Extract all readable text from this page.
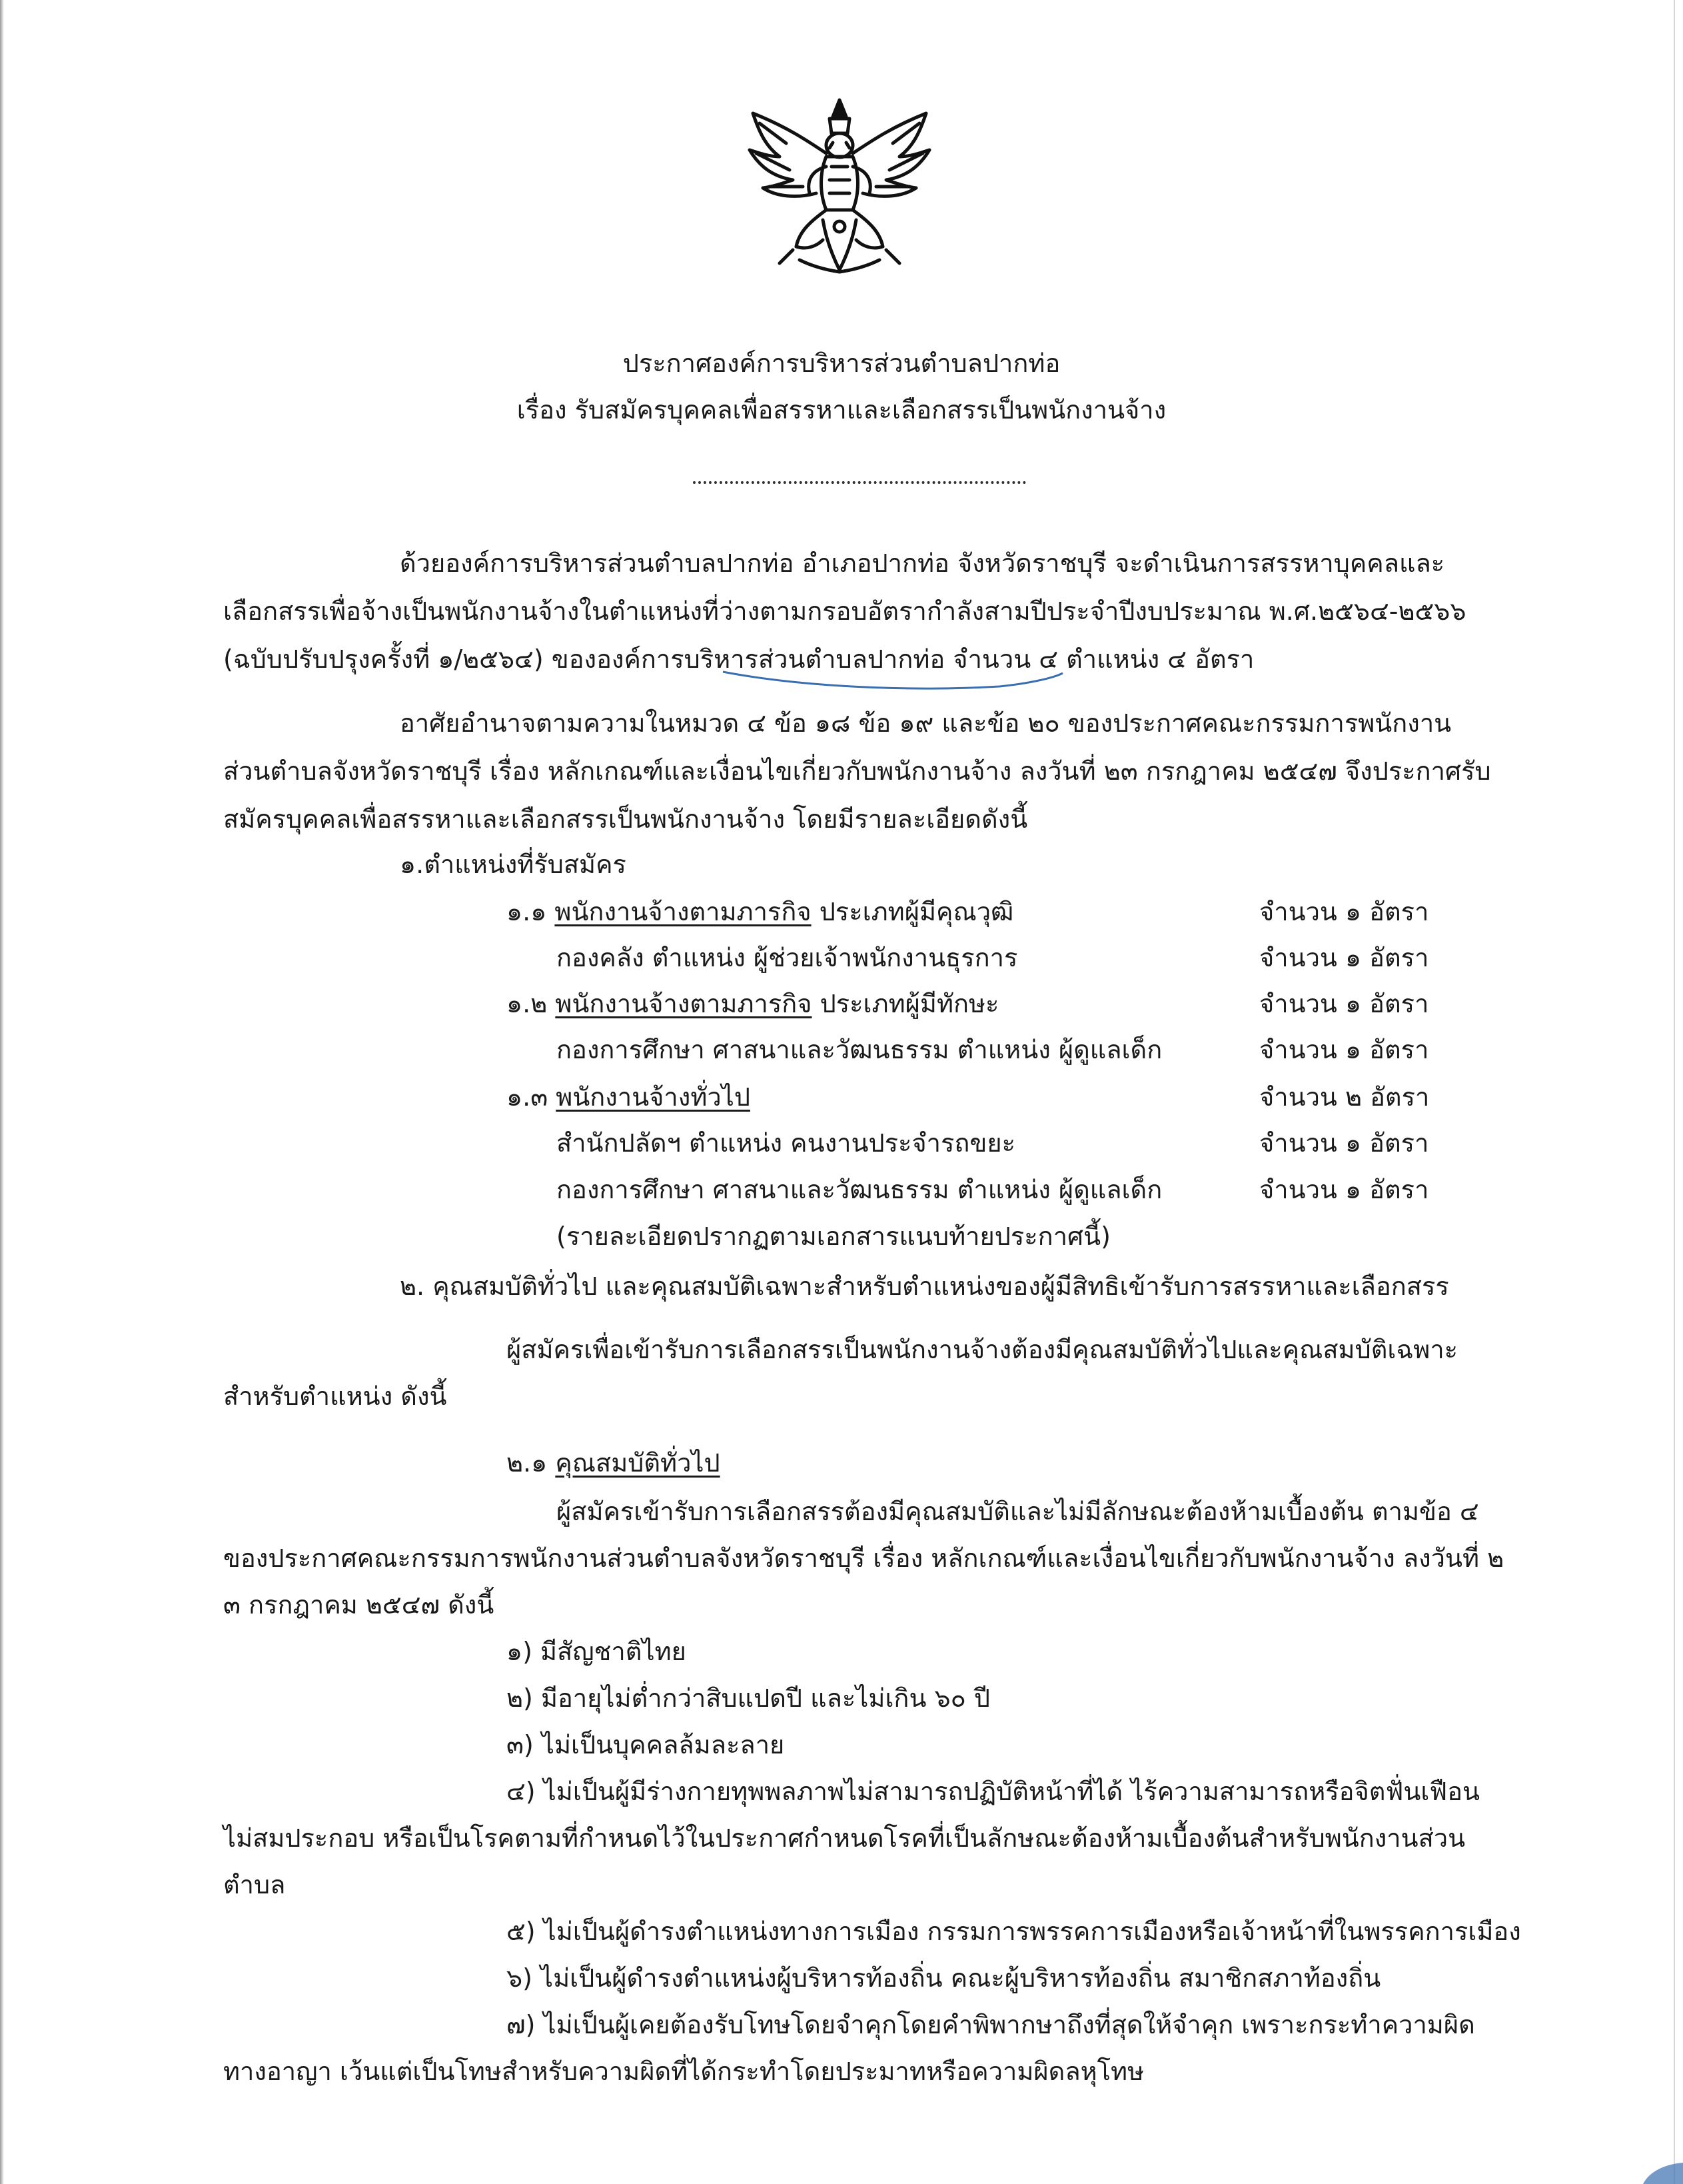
ประกาศองค์การบริหารส่วนตำบลปากท่อ
เรื่อง รับสมัครบุคคลเพื่อสรรหาและเลือกสรรเป็นพนักงานจ้าง
ด้วยองค์การบริหารส่วนตำบลปากท่อ อำเภอปากท่อ จังหวัดราชบุรี จะดำเนินการสรรหาบุคคลและ
เลือกสรรเพื่อจ้างเป็นพนักงานจ้างในตำแหน่งที่ว่างตามกรอบอัตรากำลังสามปีประจำปีงบประมาณ พ.ศ.๒๕๖๔-๒๕๖๖
(ฉบับปรับปรุงครั้งที่ ๑/๒๕๖๔) ขององค์การบริหารส่วนตำบลปากท่อ จำนวน ๔ ตำแหน่ง ๔ อัตรา
อาศัยอำนาจตามความในหมวด ๔ ข้อ ๑๘ ข้อ ๑๙ และข้อ ๒๐ ของประกาศคณะกรรมการพนักงาน
ส่วนตำบลจังหวัดราชบุรี เรื่อง หลักเกณฑ์และเงื่อนไขเกี่ยวกับพนักงานจ้าง ลงวันที่ ๒๓ กรกฎาคม ๒๕๔๗ จึงประกาศรับ
สมัครบุคคลเพื่อสรรหาและเลือกสรรเป็นพนักงานจ้าง โดยมีรายละเอียดดังนี้
๑.ตำแหน่งที่รับสมัคร
๑.๑ พนักงานจ้างตามภารกิจ ประเภทผู้มีคุณวุฒิ	จำนวน ๑ อัตรา
กองคลัง ตำแหน่ง ผู้ช่วยเจ้าพนักงานธุรการ	จำนวน ๑ อัตรา
๑.๒ พนักงานจ้างตามภารกิจ ประเภทผู้มีทักษะ	จำนวน ๑ อัตรา
กองการศึกษา ศาสนาและวัฒนธรรม ตำแหน่ง ผู้ดูแลเด็ก	จำนวน ๑ อัตรา
๑.๓ พนักงานจ้างทั่วไป	จำนวน ๒ อัตรา
สำนักปลัดฯ ตำแหน่ง คนงานประจำรถขยะ	จำนวน ๑ อัตรา
กองการศึกษา ศาสนาและวัฒนธรรม ตำแหน่ง ผู้ดูแลเด็ก	จำนวน ๑ อัตรา
(รายละเอียดปรากฏตามเอกสารแนบท้ายประกาศนี้)
๒. คุณสมบัติทั่วไป และคุณสมบัติเฉพาะสำหรับตำแหน่งของผู้มีสิทธิเข้ารับการสรรหาและเลือกสรร
ผู้สมัครเพื่อเข้ารับการเลือกสรรเป็นพนักงานจ้างต้องมีคุณสมบัติทั่วไปและคุณสมบัติเฉพาะ
สำหรับตำแหน่ง ดังนี้
๒.๑ คุณสมบัติทั่วไป
ผู้สมัครเข้ารับการเลือกสรรต้องมีคุณสมบัติและไม่มีลักษณะต้องห้ามเบื้องต้น ตามข้อ ๔
ของประกาศคณะกรรมการพนักงานส่วนตำบลจังหวัดราชบุรี เรื่อง หลักเกณฑ์และเงื่อนไขเกี่ยวกับพนักงานจ้าง ลงวันที่ ๒
๓ กรกฎาคม ๒๕๔๗ ดังนี้
๑) มีสัญชาติไทย
๒) มีอายุไม่ต่ำกว่าสิบแปดปี และไม่เกิน ๖๐ ปี
๓) ไม่เป็นบุคคลล้มละลาย
๔) ไม่เป็นผู้มีร่างกายทุพพลภาพไม่สามารถปฏิบัติหน้าที่ได้ ไร้ความสามารถหรือจิตฟั่นเฟือน
ไม่สมประกอบ หรือเป็นโรคตามที่กำหนดไว้ในประกาศกำหนดโรคที่เป็นลักษณะต้องห้ามเบื้องต้นสำหรับพนักงานส่วน
ตำบล
๕) ไม่เป็นผู้ดำรงตำแหน่งทางการเมือง กรรมการพรรคการเมืองหรือเจ้าหน้าที่ในพรรคการเมือง
๖) ไม่เป็นผู้ดำรงตำแหน่งผู้บริหารท้องถิ่น คณะผู้บริหารท้องถิ่น สมาชิกสภาท้องถิ่น
๗) ไม่เป็นผู้เคยต้องรับโทษโดยจำคุกโดยคำพิพากษาถึงที่สุดให้จำคุก เพราะกระทำความผิด
ทางอาญา เว้นแต่เป็นโทษสำหรับความผิดที่ได้กระทำโดยประมาทหรือความผิดลหุโทษ
